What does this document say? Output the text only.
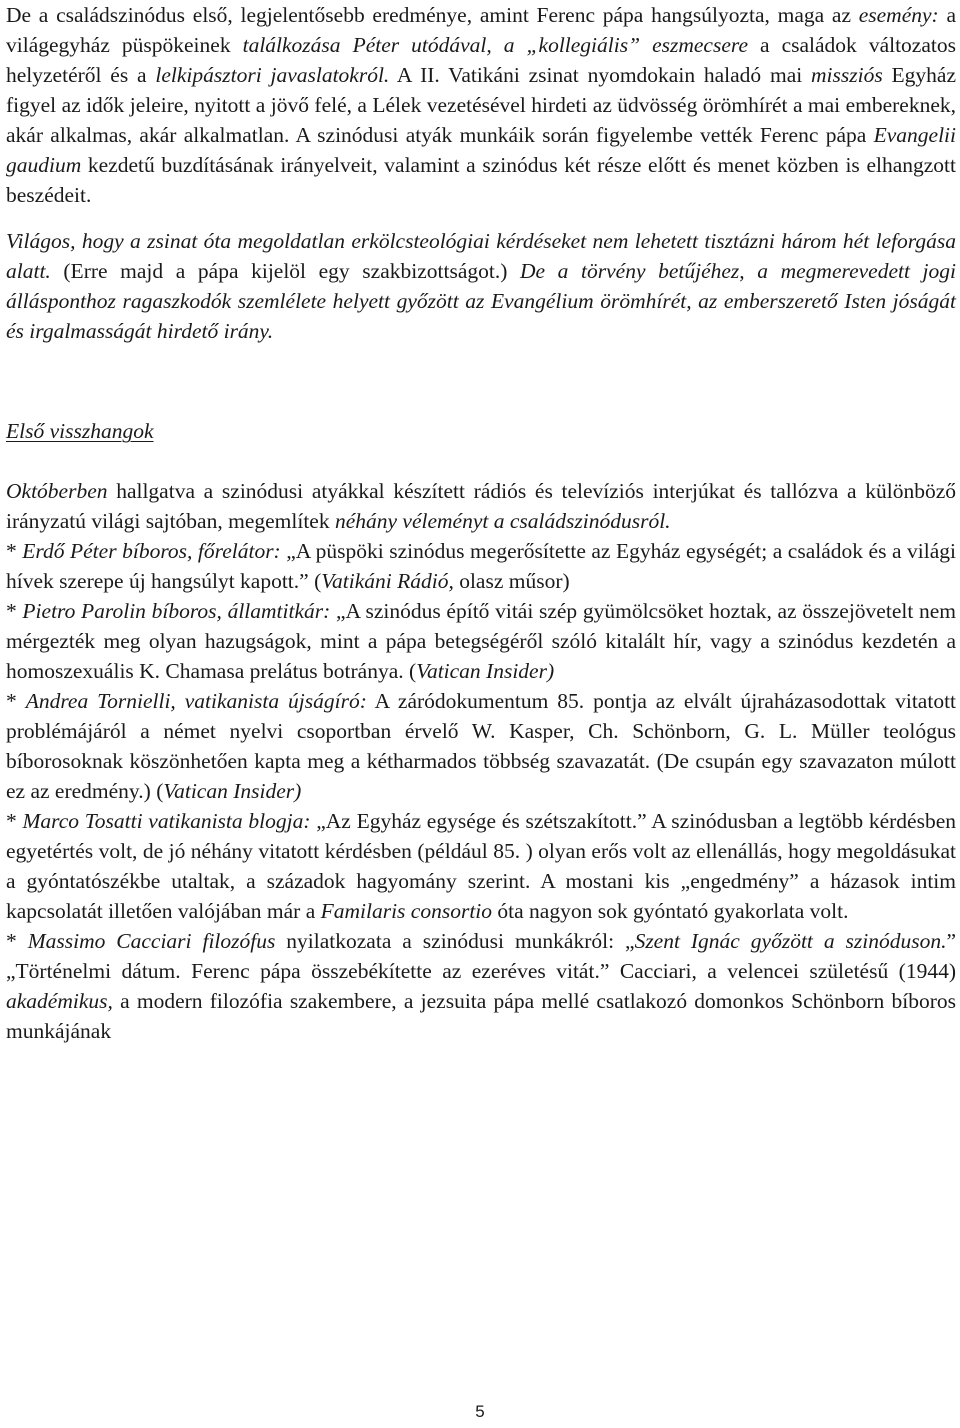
De a családszinódus első, legjelentősebb eredménye, amint Ferenc pápa hangsúlyozta, maga az esemény: a világegyház püspökeinek találkozása Péter utódával, a „kollegiális” eszmecsere a családok változatos helyzetéről és a lelkipásztori javaslatokról. A II. Vatikáni zsinat nyomdokain haladó mai missziós Egyház figyel az idők jeleire, nyitott a jövő felé, a Lélek vezetésével hirdeti az üdvösség örömhírét a mai embereknek, akár alkalmas, akár alkalmatlan. A szinódusi atyák munkáik során figyelembe vették Ferenc pápa Evangelii gaudium kezdetű buzdításának irányelveit, valamint a szinódus két része előtt és menet közben is elhangzott beszédeit.

Világos, hogy a zsinat óta megoldatlan erkölcsteológiai kérdéseket nem lehetett tisztázni három hét leforgása alatt. (Erre majd a pápa kijelöl egy szakbizottságot.) De a törvény betűjéhez, a megmerevedett jogi állásponthoz ragaszkodók szemlélete helyett győzött az Evangélium örömhírét, az emberszerető Isten jóságát és irgalmasságát hirdető irány.

Első visszhangok

Októberben hallgatva a szinódusi atyákkal készített rádiós és televíziós interjúkat és tallózva a különböző irányzatú világi sajtóban, megemlítek néhány véleményt a családszinódusról.

* Erdő Péter bíboros, főrelátor: „A püspöki szinódus megerősítette az Egyház egységét; a családok és a világi hívek szerepe új hangsúlyt kapott.” (Vatikáni Rádió, olasz műsor)

* Pietro Parolin bíboros, államtitkár: „A szinódus építő vitái szép gyümölcsöket hoztak, az összejövetelt nem mérgezték meg olyan hazugságok, mint a pápa betegségéről szóló kitalált hír, vagy a szinódus kezdetén a homoszexuális K. Chamasa prelátus botránya. (Vatican Insider)

* Andrea Tornielli, vatikanista újságíró: A záródokumentum 85. pontja az elvált újraházasodottak vitatott problémájáról a német nyelvi csoportban érvelő W. Kasper, Ch. Schönborn, G. L. Müller teológus bíborosoknak köszönhetően kapta meg a kétharmados többség szavazatát. (De csupán egy szavazaton múlott ez az eredmény.) (Vatican Insider)

* Marco Tosatti vatikanista blogja: „Az Egyház egysége és szétszakított.” A szinódusban a legtöbb kérdésben egyetértés volt, de jó néhány vitatott kérdésben (például 85. ) olyan erős volt az ellenállás, hogy megoldásukat a gyóntatószékbe utaltak, a századok hagyomány szerint. A mostani kis „engedmény” a házasok intim kapcsolatát illetően valójában már a Familaris consortio óta nagyon sok gyóntató gyakorlata volt.

* Massimo Cacciari filozófus nyilatkozata a szinódusi munkákról: „Szent Ignác győzött a szinóduson.” „Történelmi dátum. Ferenc pápa összebékítette az ezeréves vitát.” Cacciari, a velencei születésű (1944) akadémikus, a modern filozófia szakembere, a jezsuita pápa mellé csatlakozó domonkos Schönborn bíboros munkájának

5
